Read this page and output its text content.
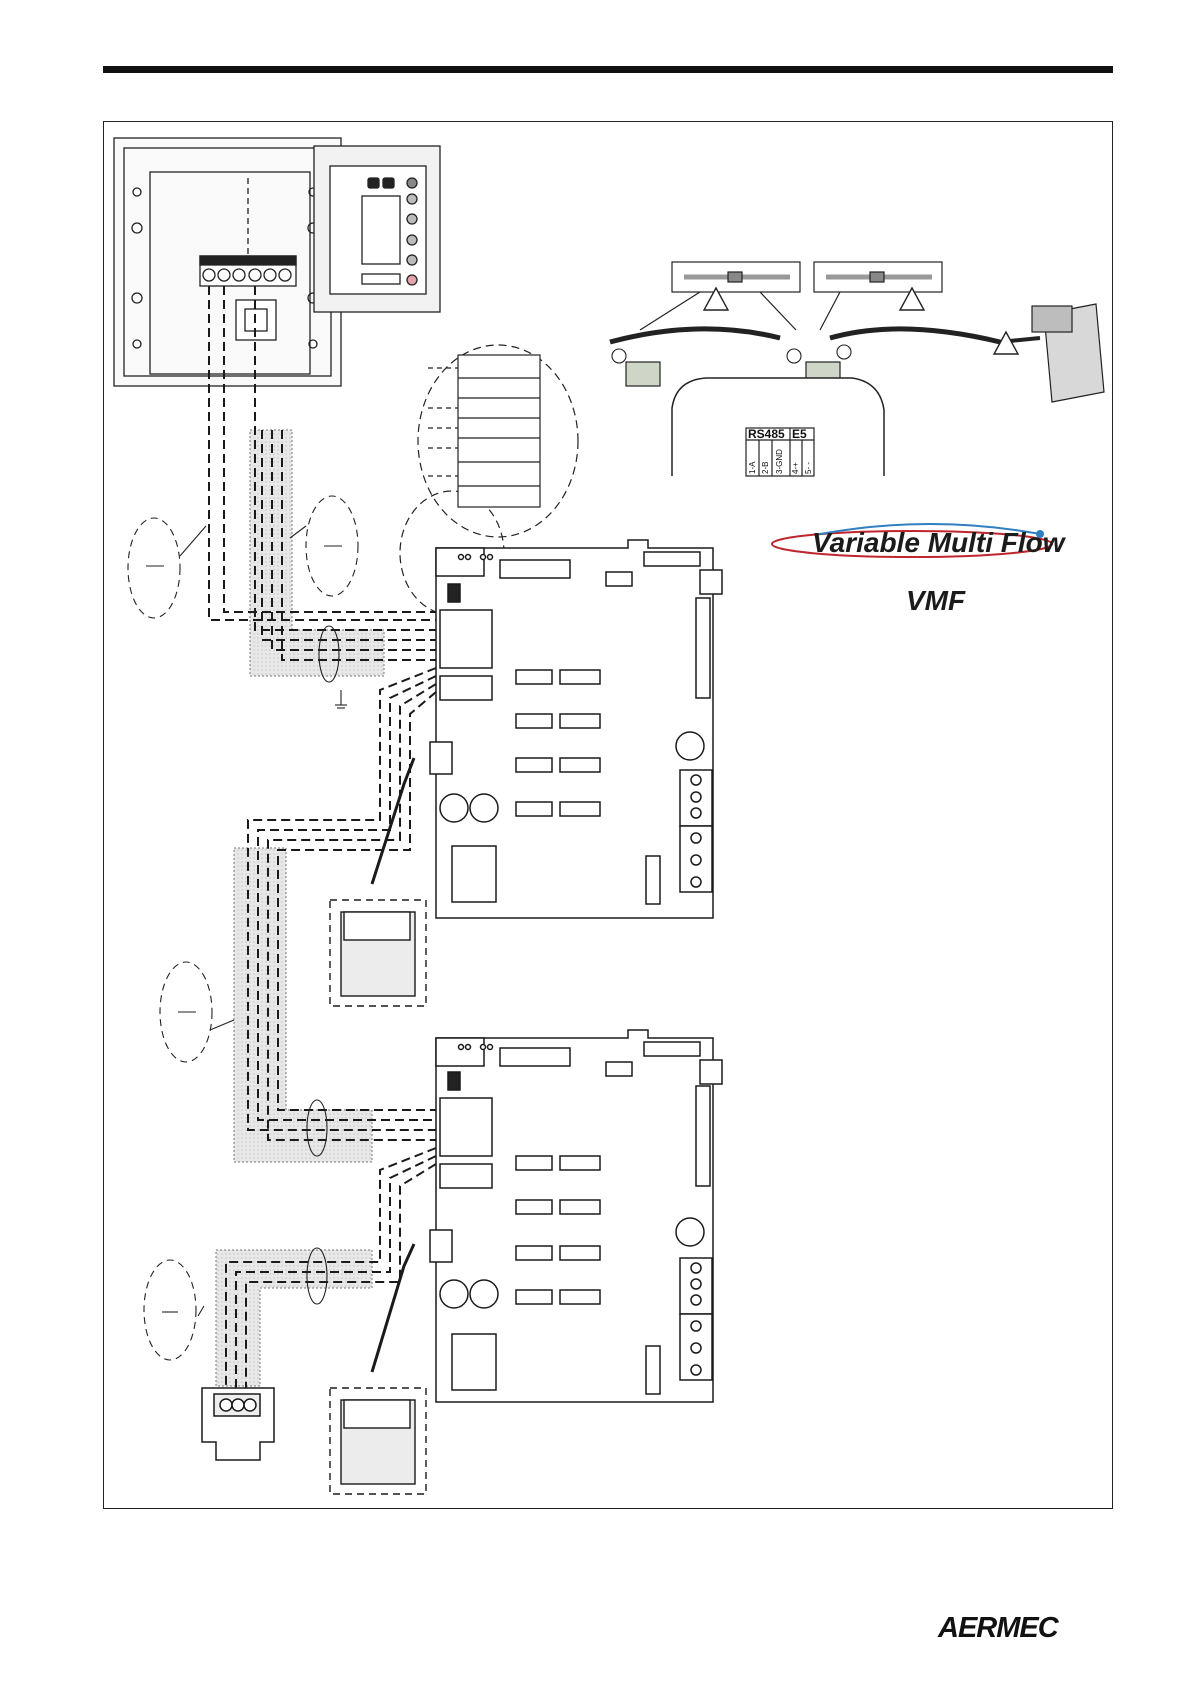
RS485 E5
1-A 2-B 3-GND 4-+ 5- -
Variable Multi Flow
VMF
AERMEC
